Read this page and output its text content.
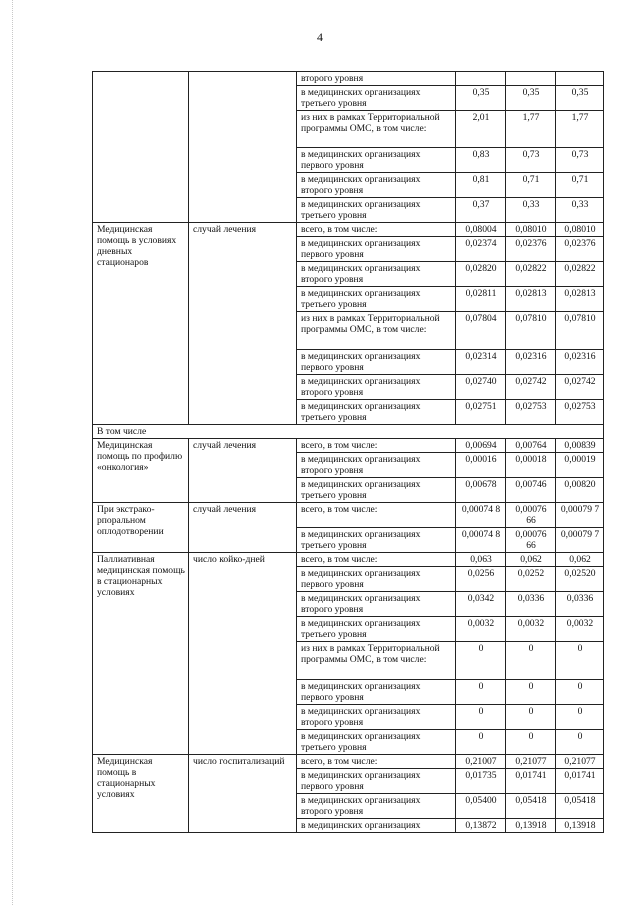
4
		второго уровня			
		в медицинских организациях третьего уровня	0,35	0,35	0,35
		из них в рамках Территориальной программы ОМС, в том числе:	2,01	1,77	1,77
		в медицинских организациях первого уровня	0,83	0,73	0,73
		в медицинских организациях второго уровня	0,81	0,71	0,71
		в медицинских организациях третьего уровня	0,37	0,33	0,33
Медицинская помощь в условиях дневных стационаров	случай лечения	всего, в том числе:	0,08004	0,08010	0,08010
		в медицинских организациях первого уровня	0,02374	0,02376	0,02376
		в медицинских организациях второго уровня	0,02820	0,02822	0,02822
		в медицинских организациях третьего уровня	0,02811	0,02813	0,02813
		из них в рамках Территориальной программы ОМС, в том числе:	0,07804	0,07810	0,07810
		в медицинских организациях первого уровня	0,02314	0,02316	0,02316
		в медицинских организациях второго уровня	0,02740	0,02742	0,02742
		в медицинских организациях третьего уровня	0,02751	0,02753	0,02753
В том числе					
Медицинская помощь по профилю «онкология»	случай лечения	всего, в том числе:	0,00694	0,00764	0,00839
		в медицинских организациях второго уровня	0,00016	0,00018	0,00019
		в медицинских организациях третьего уровня	0,00678	0,00746	0,00820
При экстрако-рпоральном оплодотворении	случай лечения	всего, в том числе:	0,00074 8	0,00076 66	0,00079 7
		в медицинских организациях третьего уровня	0,00074 8	0,00076 66	0,00079 7
Паллиативная медицинская помощь в стационарных условиях	число койко-дней	всего, в том числе:	0,063	0,062	0,062
		в медицинских организациях первого уровня	0,0256	0,0252	0,02520
		в медицинских организациях второго уровня	0,0342	0,0336	0,0336
		в медицинских организациях третьего уровня	0,0032	0,0032	0,0032
		из них в рамках Территориальной программы ОМС, в том числе:	0	0	0
		в медицинских организациях первого уровня	0	0	0
		в медицинских организациях второго уровня	0	0	0
		в медицинских организациях третьего уровня	0	0	0
Медицинская помощь в стационарных условиях	число госпитализаций	всего, в том числе:	0,21007	0,21077	0,21077
		в медицинских организациях первого уровня	0,01735	0,01741	0,01741
		в медицинских организациях второго уровня	0,05400	0,05418	0,05418
		в медицинских организациях	0,13872	0,13918	0,13918
